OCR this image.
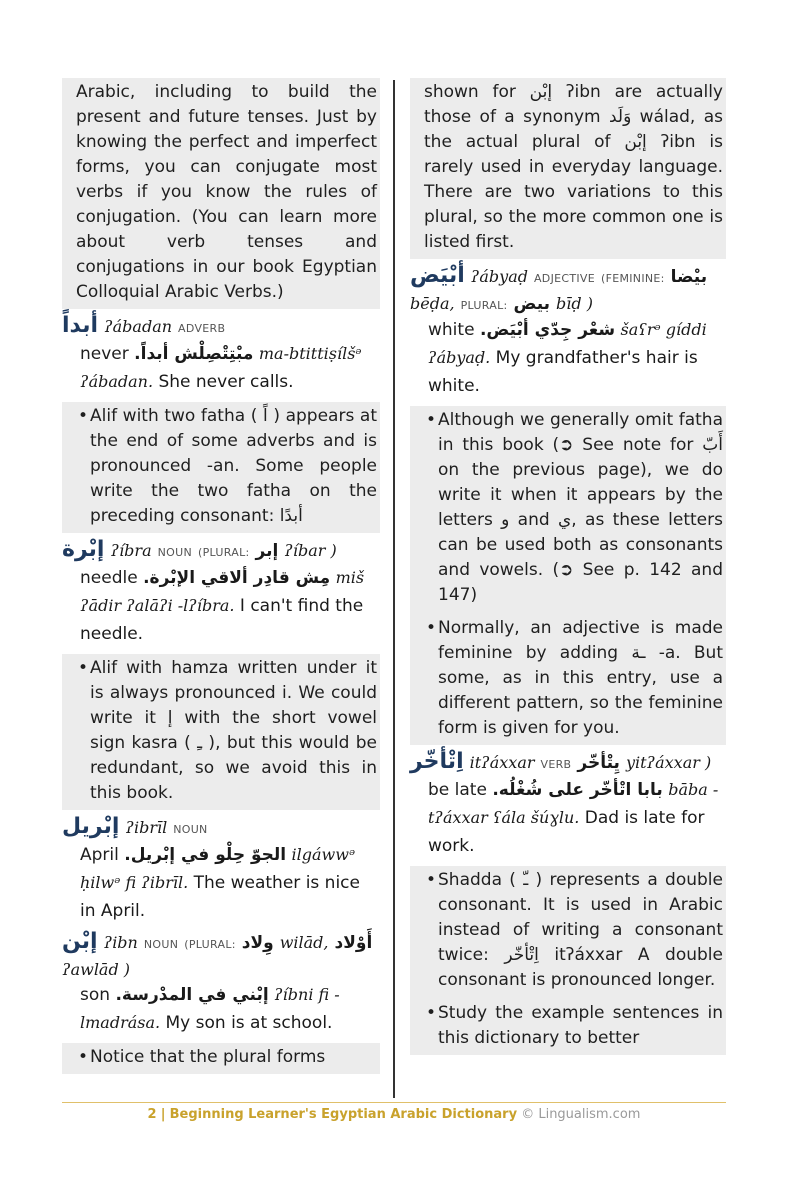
Arabic, including to build the present and future tenses. Just by knowing the perfect and imperfect forms, you can conjugate most verbs if you know the rules of conjugation. (You can learn more about verb tenses and conjugations in our book Egyptian Colloquial Arabic Verbs.)
أبداً ʔábadan ADVERB
never مبْتِتْصِلْش أبداً. ma-btittiṣílšᵊ ʔábadan. She never calls.
• Alif with two fatha ( اً ) appears at the end of some adverbs and is pronounced -an. Some people write the two fatha on the preceding consonant: أبدًا
إبْرة ʔíbra NOUN (PLURAL: إبر ʔíbar )
needle مِش قادِر ألاقي الإبْرة. miš ʔādir ʔalāʔi -lʔíbra. I can't find the needle.
• Alif with hamza written under it is always pronounced i. We could write it إ with the short vowel sign kasra ( ـِ ), but this would be redundant, so we avoid this in this book.
إبْريل ʔibrīl NOUN
April الجوّ حِلْو في إبْريل. ilgáwwᵊ ḥilwᵊ fi ʔibrīl. The weather is nice in April.
إبْن ʔibn NOUN (PLURAL: وِلاد wilād, أَوْلاد
ʔawlād )
son إبْني في المدْرسة. ʔíbni fi -lmadrása. My son is at school.
• Notice that the plural forms
shown for إبْن ʔibn are actually those of a synonym وَلَد wálad, as the actual plural of إبْن ʔibn is rarely used in everyday language. There are two variations to this plural, so the more common one is listed first.
أبْيَض ʔábyaḍ ADJECTIVE (FEMININE: بيْضا
bēḍa, PLURAL: بيض bīḍ )
white شعْر جِدّي أبْيَض. šaʕrᵊ gíddi ʔábyaḍ. My grandfather's hair is white.
• Although we generally omit fatha in this book (➲ See note for أَبّ on the previous page), we do write it when it appears by the letters و and ي, as these letters can be used both as consonants and vowels. (➲ See p. 142 and 147)
• Normally, an adjective is made feminine by adding ـة -a. But some, as in this entry, use a different pattern, so the feminine form is given for you.
اِتْأخّر itʔáxxar VERB يِتْأخّر yitʔáxxar )
be late بابا اتْأخّر على شُغْلُه. bāba -tʔáxxar ʕála šúɣlu. Dad is late for work.
• Shadda ( ـّ ) represents a double consonant. It is used in Arabic instead of writing a consonant twice: اِتْأخّر itʔáxxar A double consonant is pronounced longer.
• Study the example sentences in this dictionary to better
2 | Beginning Learner's Egyptian Arabic Dictionary © Lingualism.com
